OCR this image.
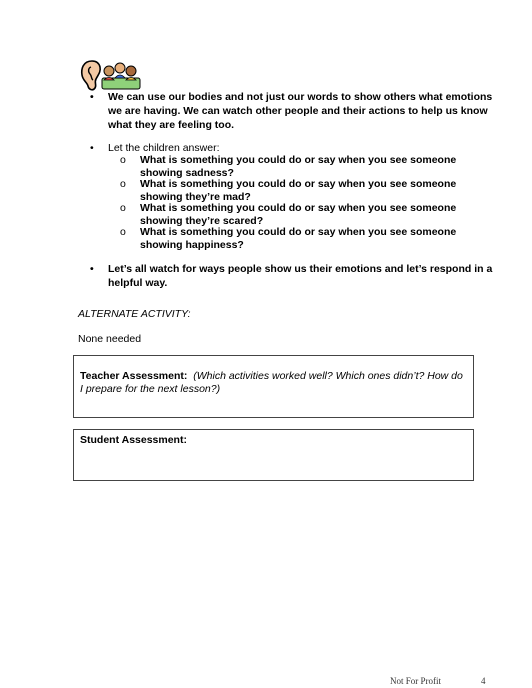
• We can use our bodies and not just our words to show others what emotions we are having. We can watch other people and their actions to help us know what they are feeling too.
• Let the children answer:
o What is something you could do or say when you see someone showing sadness?
o What is something you could do or say when you see someone showing they’re mad?
o What is something you could do or say when you see someone showing they’re scared?
o What is something you could do or say when you see someone showing happiness?
• Let’s all watch for ways people show us their emotions and let’s respond in a helpful way.
ALTERNATE ACTIVITY:
None needed
Teacher Assessment: (Which activities worked well? Which ones didn’t? How do I prepare for the next lesson?)
Student Assessment:
Not For Profit	4
